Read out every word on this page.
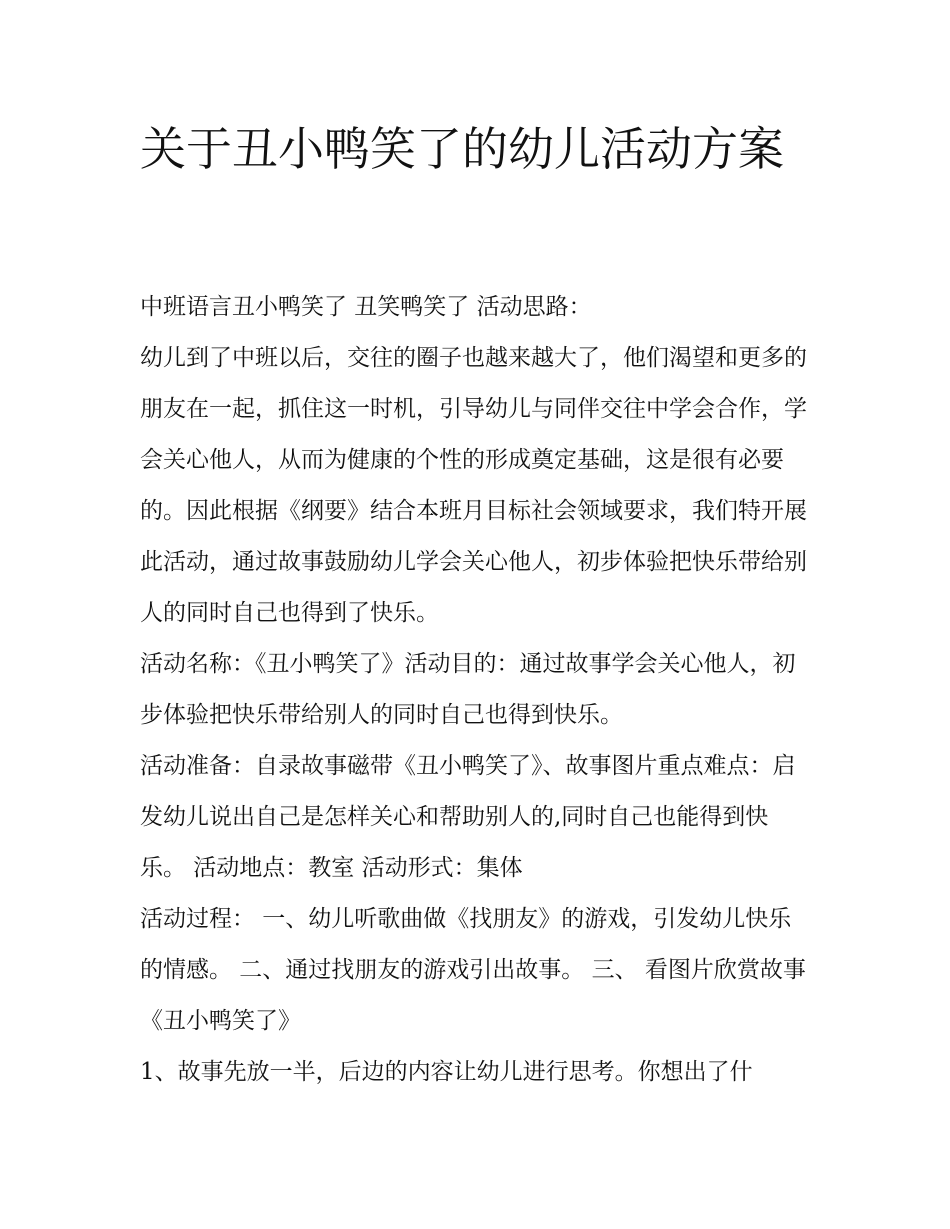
关于丑小鸭笑了的幼儿活动方案

中班语言丑小鸭笑了 丑笑鸭笑了 活动思路：

幼儿到了中班以后，交往的圈子也越来越大了，他们渴望和更多的朋友在一起，抓住这一时机，引导幼儿与同伴交往中学会合作，学会关心他人，从而为健康的个性的形成奠定基础，这是很有必要的。因此根据《纲要》结合本班月目标社会领域要求，我们特开展此活动，通过故事鼓励幼儿学会关心他人，初步体验把快乐带给别人的同时自己也得到了快乐。

活动名称：《丑小鸭笑了》活动目的：通过故事学会关心他人，初步体验把快乐带给别人的同时自己也得到快乐。

活动准备：自录故事磁带《丑小鸭笑了》、故事图片重点难点：启发幼儿说出自己是怎样关心和帮助别人的,同时自己也能得到快乐。 活动地点：教室 活动形式：集体

活动过程： 一、幼儿听歌曲做《找朋友》的游戏，引发幼儿快乐的情感。 二、通过找朋友的游戏引出故事。 三、 看图片欣赏故事《丑小鸭笑了》

1、故事先放一半，后边的内容让幼儿进行思考。你想出了什
